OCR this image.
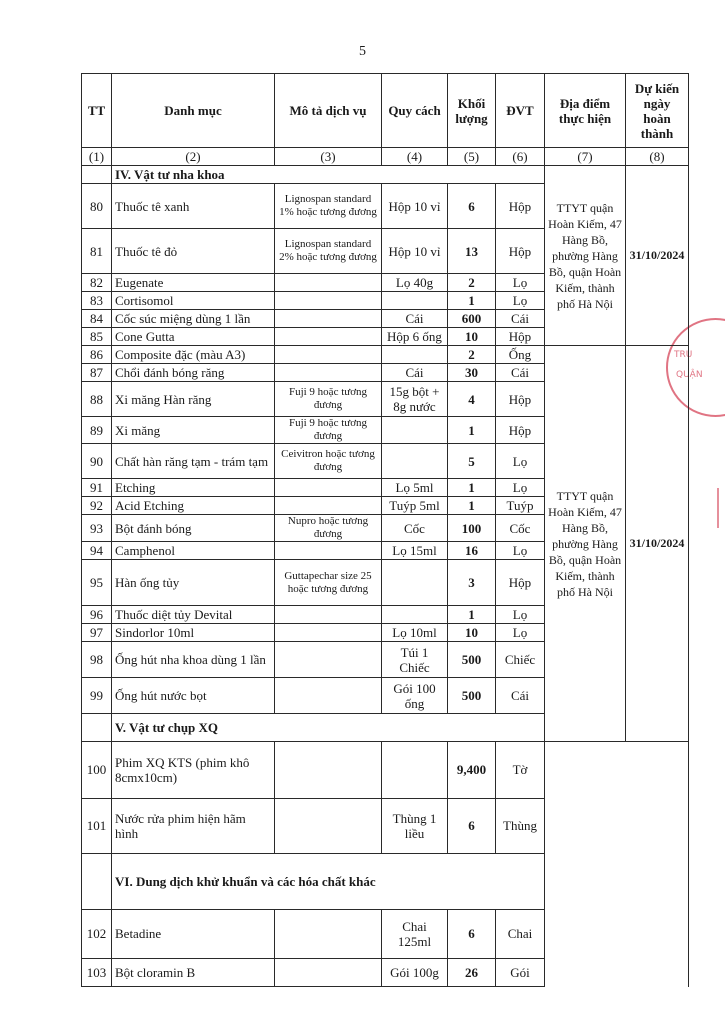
5
TRU
QUẬN
TT	Danh mục	Mô tả dịch vụ	Quy cách	Khối lượng	ĐVT	Địa điểm thực hiện	Dự kiến ngày hoàn thành	
(1)	(2)	(3)	(4)	(5)	(6)	(7)	(8)	
	IV. Vật tư nha khoa					TTYT quận Hoàn Kiếm, 47 Hàng Bồ, phường Hàng Bồ, quận Hoàn Kiếm, thành phố Hà Nội	31/10/2024	
80	Thuốc tê xanh	Lignospan standard 1% hoặc tương đương	Hộp 10 vỉ	6	Hộp			
81	Thuốc tê đỏ	Lignospan standard 2% hoặc tương đương	Hộp 10 vỉ	13	Hộp			
82	Eugenate		Lọ 40g	2	Lọ			
83	Cortisomol			1	Lọ			
84	Cốc súc miệng dùng 1 lần		Cái	600	Cái			
85	Cone Gutta		Hộp 6 ống	10	Hộp			
86	Composite đặc (màu A3)			2	Ống	TTYT quận Hoàn Kiếm, 47 Hàng Bồ, phường Hàng Bồ, quận Hoàn Kiếm, thành phố Hà Nội	31/10/2024	
87	Chổi đánh bóng răng		Cái	30	Cái			
88	Xi măng Hàn răng	Fuji 9 hoặc tương đương	15g bột + 8g nước	4	Hộp			
89	Xi măng	Fuji 9 hoặc tương đương		1	Hộp			
90	Chất hàn răng tạm - trám tạm	Ceivitron hoặc tương đương		5	Lọ			
91	Etching		Lọ 5ml	1	Lọ			
92	Acid Etching		Tuýp 5ml	1	Tuýp			
93	Bột đánh bóng	Nupro hoặc tương đương	Cốc	100	Cốc			
94	Camphenol		Lọ 15ml	16	Lọ			
95	Hàn ống tủy	Guttapechar size 25 hoặc tương đương		3	Hộp			
96	Thuốc diệt tủy Devital			1	Lọ			
97	Sindorlor 10ml		Lọ 10ml	10	Lọ			
98	Ống hút nha khoa dùng 1 lần		Túi 1 Chiếc	500	Chiếc			
99	Ống hút nước bọt		Gói 100 ống	500	Cái			
	V. Vật tư chụp XQ		
100	Phim XQ KTS (phim khô 8cmx10cm)			9,400	Tờ			
101	Nước rửa phim hiện hãm hình		Thùng 1 liều	6	Thùng			
	VI. Dung dịch khử khuẩn và các hóa chất khác							
102	Betadine		Chai 125ml	6	Chai			
103	Bột cloramin B		Gói 100g	26	Gói			
